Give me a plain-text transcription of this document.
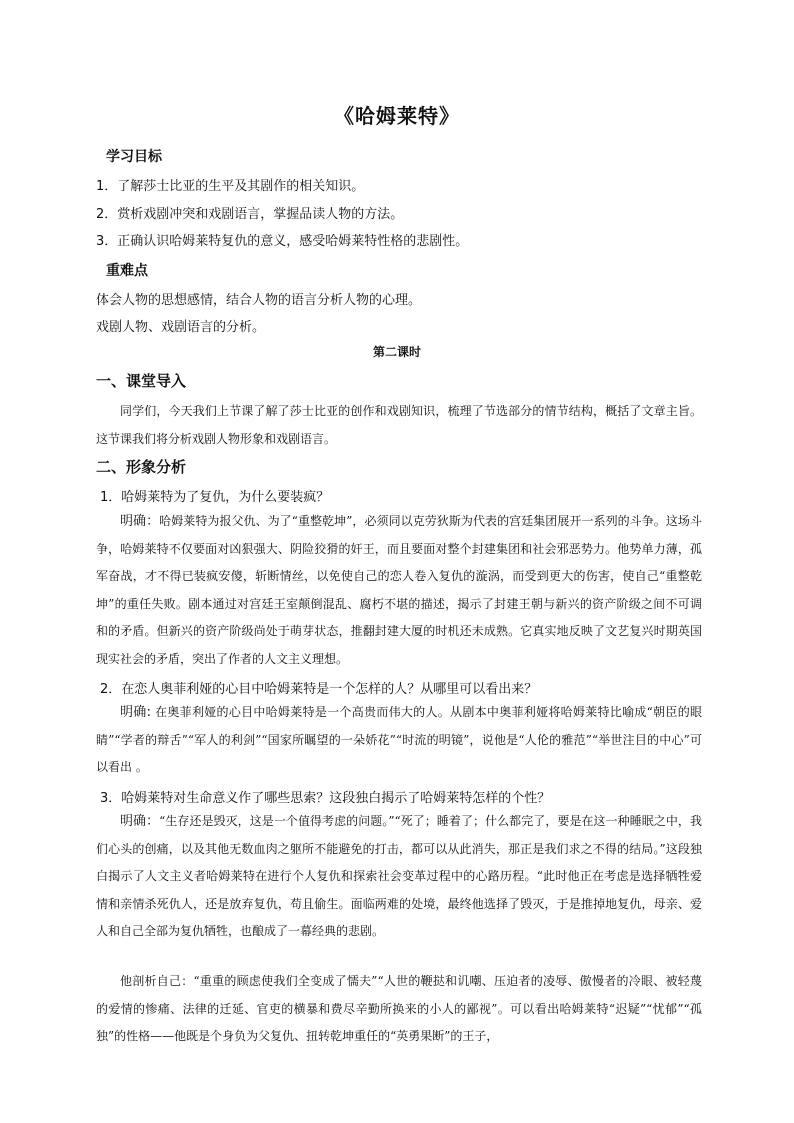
《哈姆莱特》
学习目标
1．了解莎士比亚的生平及其剧作的相关知识。
2．赏析戏剧冲突和戏剧语言，掌握品读人物的方法。
3．正确认识哈姆莱特复仇的意义，感受哈姆莱特性格的悲剧性。
重难点
体会人物的思想感情，结合人物的语言分析人物的心理。
戏剧人物、戏剧语言的分析。
第二课时
一、课堂导入

同学们，今天我们上节课了解了莎士比亚的创作和戏剧知识，梳理了节选部分的情节结构，概括了文章主旨。这节课我们将分析戏剧人物形象和戏剧语言。

二、形象分析
1．哈姆莱特为了复仇，为什么要装疯？

明确：哈姆莱特为报父仇、为了“重整乾坤”，必须同以克劳狄斯为代表的宫廷集团展开一系列的斗争。这场斗争，哈姆莱特不仅要面对凶狠强大、阴险狡猾的奸王，而且要面对整个封建集团和社会邪恶势力。他势单力薄，孤军奋战，才不得已装疯安傻，斩断情丝，以免使自己的恋人卷入复仇的漩涡，而受到更大的伤害，使自己“重整乾坤”的重任失败。剧本通过对宫廷王室颠倒混乱、腐朽不堪的描述，揭示了封建王朝与新兴的资产阶级之间不可调和的矛盾。但新兴的资产阶级尚处于萌芽状态，推翻封建大厦的时机还未成熟。它真实地反映了文艺复兴时期英国现实社会的矛盾，突出了作者的人文主义理想。

2．在恋人奥菲利娅的心目中哈姆莱特是一个怎样的人？从哪里可以看出来？

明确: 在奥菲利娅的心目中哈姆莱特是一个高贵而伟大的人。从剧本中奥菲利娅将哈姆莱特比喻成“朝臣的眼睛”“学者的辩舌”“军人的利剑”“国家所瞩望的一朵娇花”“时流的明镜”，说他是“人伦的雅范”“举世注目的中心”可以看出 。

3．哈姆莱特对生命意义作了哪些思索？这段独白揭示了哈姆莱特怎样的个性？

明确：“生存还是毁灭，这是一个值得考虑的问题。”“死了；睡着了；什么都完了，要是在这一种睡眠之中，我们心头的创痛，以及其他无数血肉之躯所不能避免的打击，都可以从此消失，那正是我们求之不得的结局。”这段独白揭示了人文主义者哈姆莱特在进行个人复仇和探索社会变革过程中的心路历程。“此时他正在考虑是选择牺牲爱情和亲情杀死仇人，还是放弃复仇，苟且偷生。面临两难的处境，最终他选择了毁灭，于是推掉地复仇，母亲、爱人和自己全部为复仇牺牲，也酿成了一幕经典的悲剧。

他剖析自己：“重重的顾虑使我们全变成了懦夫”“人世的鞭挞和讥嘲、压迫者的凌辱、傲慢者的冷眼、被轻蔑的爱情的惨痛、法律的迁延、官吏的横暴和费尽辛勤所换来的小人的鄙视”。可以看出哈姆莱特“迟疑”“忧郁”“孤独”的性格——他既是个身负为父复仇、扭转乾坤重任的“英勇果断”的王子，
